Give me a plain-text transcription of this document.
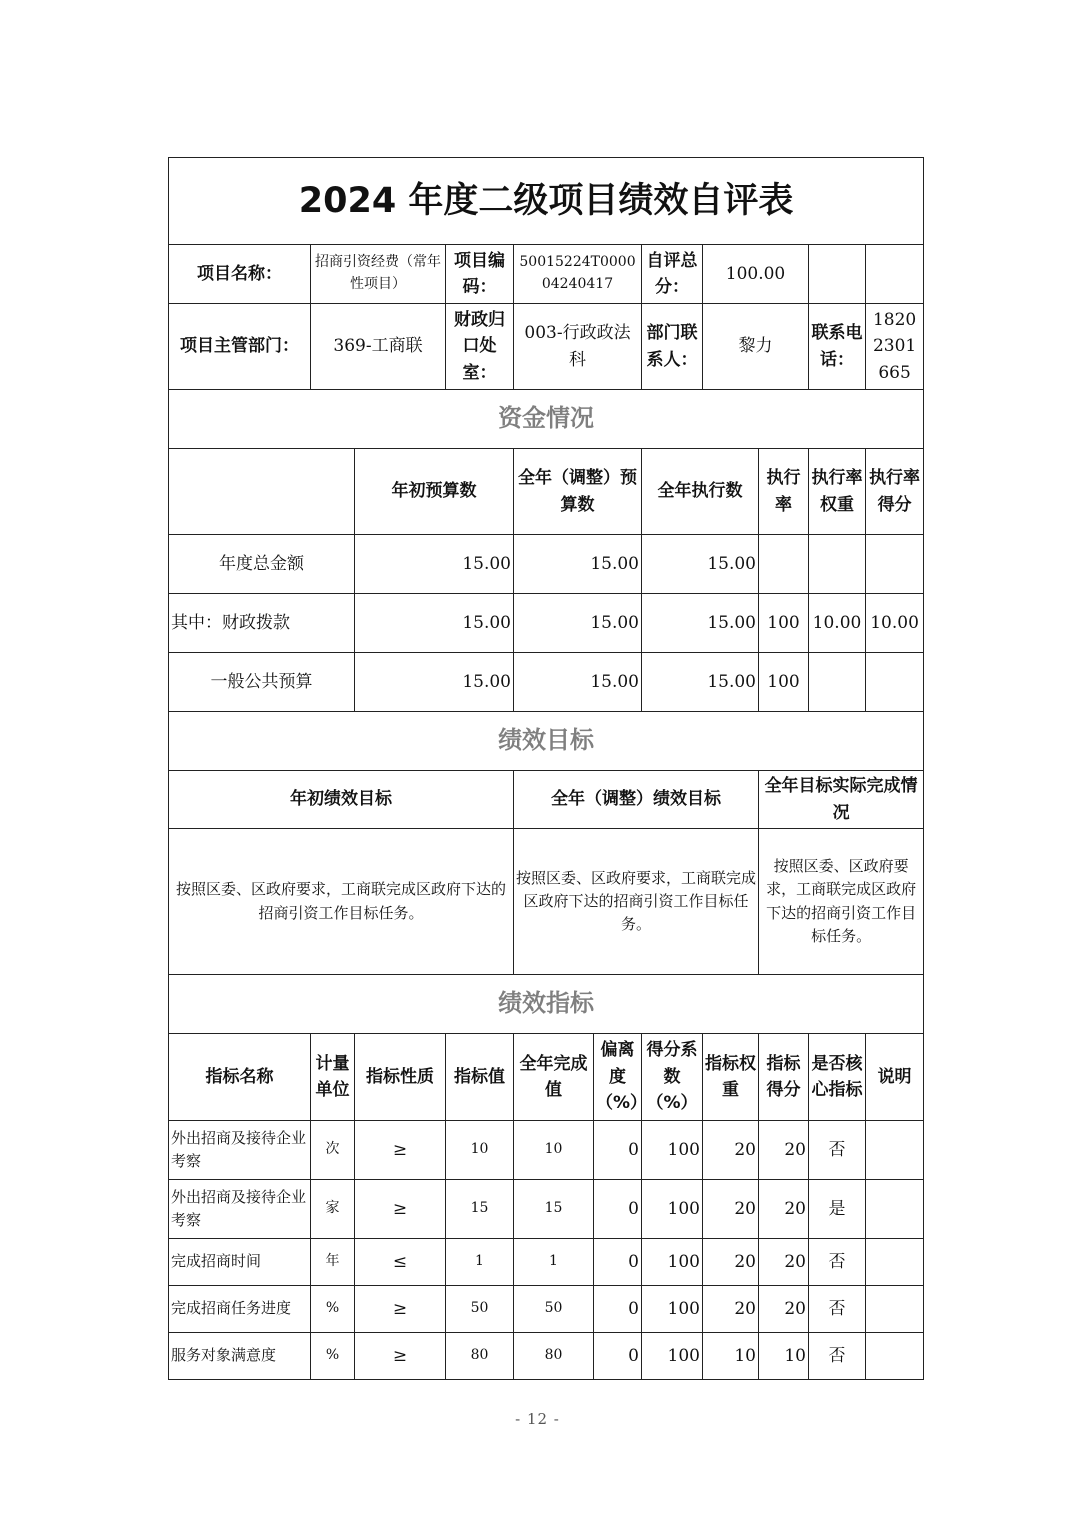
2024 年度二级项目绩效自评表										
项目名称：	招商引资经费（常年性项目）		项目编码：	50015224T000004240417		自评总分：	100.00			
项目主管部门：	369-工商联		财政归口处室：	003-行政政法科		部门联系人：	黎力		联系电话：	18202301665
资金情况										
		年初预算数		全年（调整）预算数		全年执行数		执行率	执行率权重	执行率得分
年度总金额		15.00		15.00		15.00				
其中：财政拨款		15.00		15.00		15.00		100	10.00	10.00
一般公共预算		15.00		15.00		15.00		100		
绩效目标										
年初绩效目标				全年（调整）绩效目标				全年目标实际完成情况		
按照区委、区政府要求，工商联完成区政府下达的招商引资工作目标任务。				按照区委、区政府要求，工商联完成区政府下达的招商引资工作目标任务。				按照区委、区政府要求，工商联完成区政府下达的招商引资工作目标任务。		
绩效指标										
指标名称	计量单位	指标性质	指标值	全年完成值	偏离度（%）	得分系数（%）	指标权重	指标得分	是否核心指标	说明
外出招商及接待企业考察	次	≥	10	10	0	100	20	20	否	
外出招商及接待企业考察	家	≥	15	15	0	100	20	20	是	
完成招商时间	年	≤	1	1	0	100	20	20	否	
完成招商任务进度	%	≥	50	50	0	100	20	20	否	
服务对象满意度	%	≥	80	80	0	100	10	10	否	
- 12 -
